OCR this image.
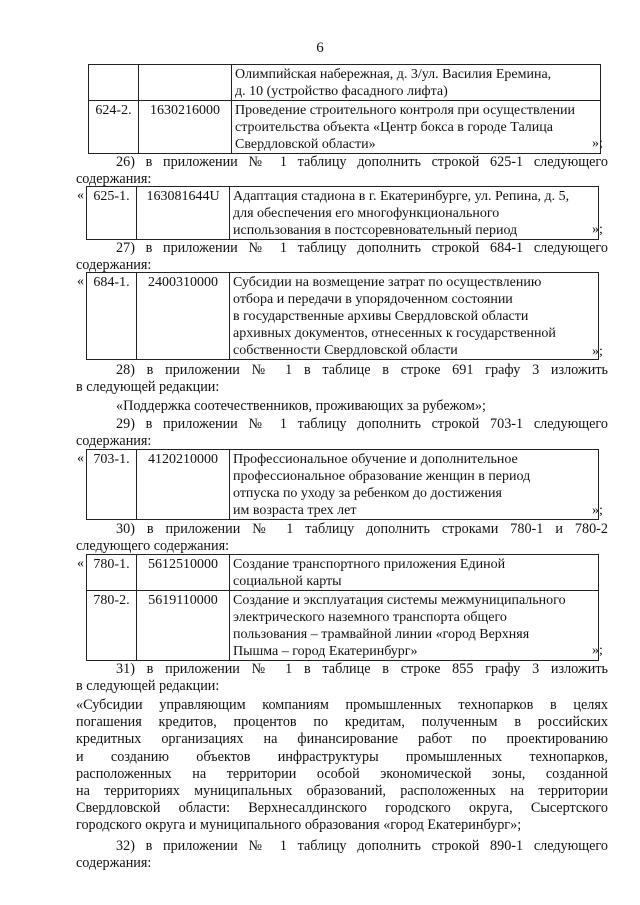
6
		Олимпийская набережная, д. 3/ул. Василия Еремина,
д. 10 (устройство фасадного лифта)
624-2.	1630216000	Проведение строительного контроля при осуществлении
строительства объекта «Центр бокса в городе Талица
Свердловской области»	»;
26) в приложении № 1 таблицу дополнить строкой 625-1 следующего
содержания:
« 625-1.	163081644U	Адаптация стадиона в г. Екатеринбурге, ул. Репина, д. 5,
для обеспечения его многофункционального
использования в постсоревновательный период	»;
27) в приложении № 1 таблицу дополнить строкой 684-1 следующего
содержания:
« 684-1.	2400310000	Субсидии на возмещение затрат по осуществлению
отбора и передачи в упорядоченном состоянии
в государственные архивы Свердловской области
архивных документов, отнесенных к государственной
собственности Свердловской области	»;
28) в приложении № 1 в таблице в строке 691 графу 3 изложить
в следующей редакции:
«Поддержка соотечественников, проживающих за рубежом»;
29) в приложении № 1 таблицу дополнить строкой 703-1 следующего
содержания:
« 703-1.	4120210000	Профессиональное обучение и дополнительное
профессиональное образование женщин в период
отпуска по уходу за ребенком до достижения
им возраста трех лет	»;
30) в приложении № 1 таблицу дополнить строками 780-1 и 780-2
следующего содержания:
« 780-1.	5612510000	Создание транспортного приложения Единой
социальной карты
780-2.	5619110000	Создание и эксплуатация системы межмуниципального
электрического наземного транспорта общего
пользования – трамвайной линии «город Верхняя
Пышма – город Екатеринбург»	»;
31) в приложении № 1 в таблице в строке 855 графу 3 изложить
в следующей редакции:
«Субсидии управляющим компаниям промышленных технопарков в целях
погашения кредитов, процентов по кредитам, полученным в российских
кредитных организациях на финансирование работ по проектированию
и созданию объектов инфраструктуры промышленных технопарков,
расположенных на территории особой экономической зоны, созданной
на территориях муниципальных образований, расположенных на территории
Свердловской области: Верхнесалдинского городского округа, Сысертского
городского округа и муниципального образования «город Екатеринбург»;
32) в приложении № 1 таблицу дополнить строкой 890-1 следующего
содержания:
